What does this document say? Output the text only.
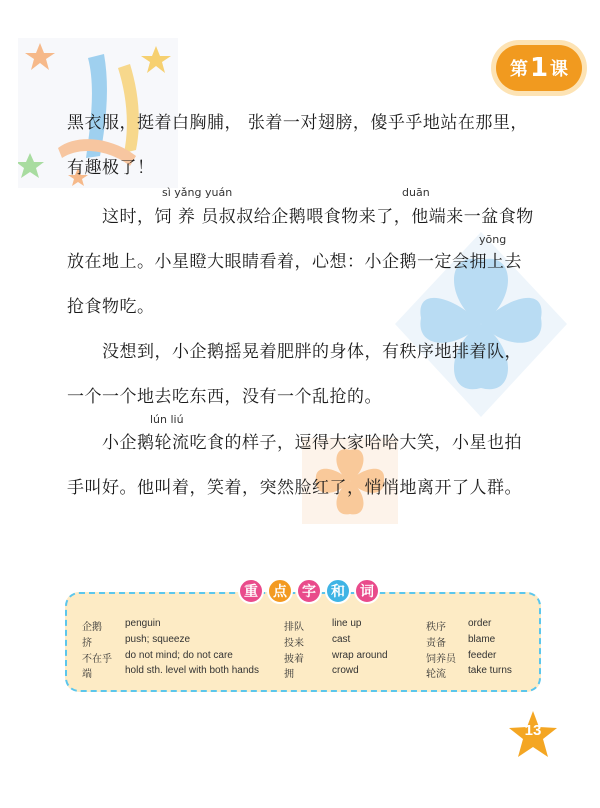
第 1 课
黑衣服，挺着白胸脯， 张着一对翅膀，傻乎乎地站在那里，
有趣极了！
sì yǎng yuán	duān
这时，饲 养 员叔叔给企鹅喂食物来了，他端来一盆食物
yōng
放在地上。小星瞪大眼睛看着，心想：小企鹅一定会拥上去
抢食物吃。
没想到，小企鹅摇晃着肥胖的身体，有秩序地排着队，
一个一个地去吃东西，没有一个乱抢的。
lún liú
小企鹅轮流吃食的样子，逗得大家哈哈大笑，小星也拍
手叫好。他叫着，笑着，突然脸红了，悄悄地离开了人群。
重	点	字	和	词
企鹅 penguin
挤	push; squeeze
不在乎 do not mind; do not care
端	hold sth. level with both hands
排队	line up
投来	cast
披着	wrap around
拥	crowd
秩序 order
责备 blame
饲养员 feeder
轮流 take turns
13
